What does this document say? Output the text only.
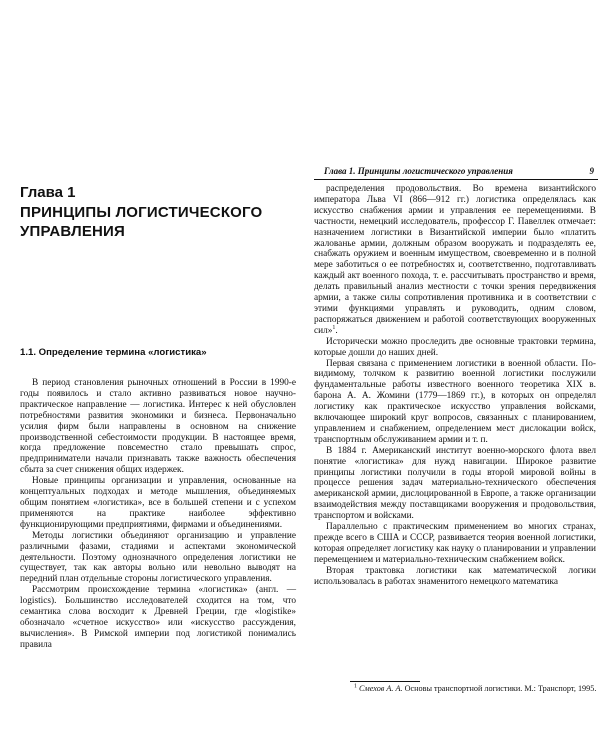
Глава 1
ПРИНЦИПЫ ЛОГИСТИЧЕСКОГО УПРАВЛЕНИЯ
1.1. Определение термина «логистика»

В период становления рыночных отношений в России в 1990-е годы появилось и стало активно развиваться новое научно-практическое направление — логистика. Интерес к ней обусловлен потребностями развития экономики и бизнеса. Первоначально усилия фирм были направлены в основном на снижение производственной себестоимости продукции. В настоящее время, когда предложение повсеместно стало превышать спрос, предприниматели начали признавать также важность обеспечения сбыта за счет снижения общих издержек.

Новые принципы организации и управления, основанные на концептуальных подходах и методе мышления, объединяемых общим понятием «логистика», все в большей степени и с успехом применяются на практике наиболее эффективно функционирующими предприятиями, фирмами и объединениями.

Методы логистики объединяют организацию и управление различными фазами, стадиями и аспектами экономической деятельности. Поэтому однозначного определения логистики не существует, так как авторы вольно или невольно выводят на передний план отдельные стороны логистического управления.

Рассмотрим происхождение термина «логистика» (англ. — logistics). Большинство исследователей сходится на том, что семантика слова восходит к Древней Греции, где «logistike» обозначало «счетное искусство» или «искусство рассуждения, вычисления». В Римской империи под логистикой понимались правила

Глава 1. Принципы логистического управления	9

распределения продовольствия. Во времена византийского императора Льва VI (866—912 гг.) логистика определялась как искусство снабжения армии и управления ее перемещениями. В частности, немецкий исследователь, профессор Г. Павеллек отмечает: назначением логистики в Византийской империи было «платить жалованье армии, должным образом вооружать и подразделять ее, снабжать оружием и военным имуществом, своевременно и в полной мере заботиться о ее потребностях и, соответственно, подготавливать каждый акт военного похода, т. е. рассчитывать пространство и время, делать правильный анализ местности с точки зрения передвижения армии, а также силы сопротивления противника и в соответствии с этими функциями управлять и руководить, одним словом, распоряжаться движением и работой соответствующих вооруженных сил»$^1$.

Исторически можно проследить две основные трактовки термина, которые дошли до наших дней.

Первая связана с применением логистики в военной области. По-видимому, толчком к развитию военной логистики послужили фундаментальные работы известного военного теоретика XIX в. барона А. А. Жомини (1779—1869 гг.), в которых он определял логистику как практическое искусство управления войсками, включающее широкий круг вопросов, связанных с планированием, управлением и снабжением, определением мест дислокации войск, транспортным обслуживанием армии и т. п.

В 1884 г. Американский институт военно-морского флота ввел понятие «логистика» для нужд навигации. Широкое развитие принципы логистики получили в годы второй мировой войны в процессе решения задач материально-технического обеспечения американской армии, дислоцированной в Европе, а также организации взаимодействия между поставщиками вооружения и продовольствия, транспортом и войсками.

Параллельно с практическим применением во многих странах, прежде всего в США и СССР, развивается теория военной логистики, которая определяет логистику как науку о планировании и управлении перемещением и материально-техническим снабжением войск.

Вторая трактовка логистики как математической логики использовалась в работах знаменитого немецкого математика

$^1$ Смехов А. А. Основы транспортной логистики. М.: Транспорт, 1995.
